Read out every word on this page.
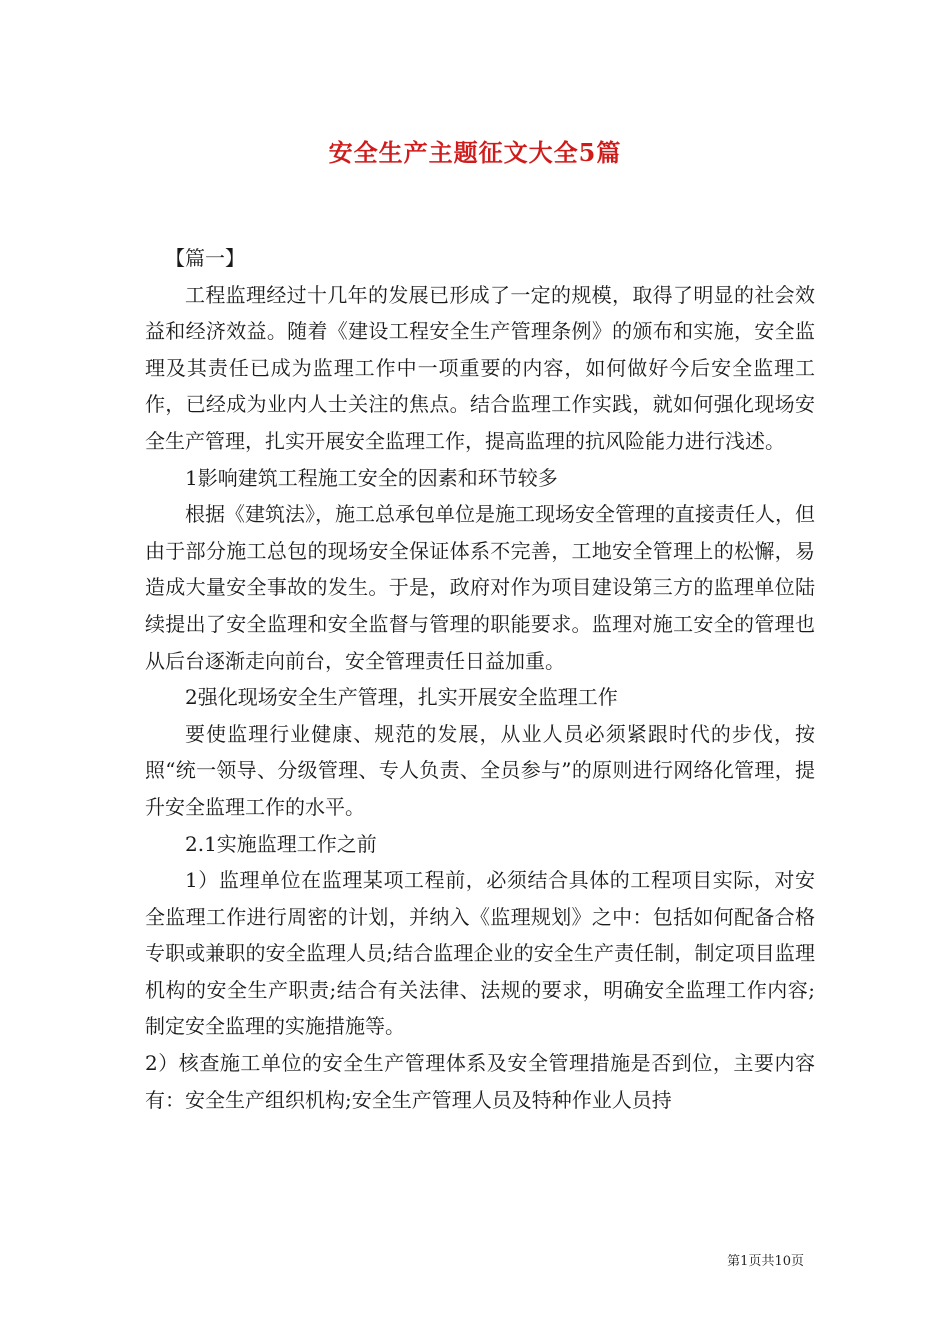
安全生产主题征文大全5篇

【篇一】

工程监理经过十几年的发展已形成了一定的规模，取得了明显的社会效益和经济效益。随着《建设工程安全生产管理条例》的颁布和实施，安全监理及其责任已成为监理工作中一项重要的内容，如何做好今后安全监理工作，已经成为业内人士关注的焦点。结合监理工作实践，就如何强化现场安全生产管理，扎实开展安全监理工作，提高监理的抗风险能力进行浅述。

1影响建筑工程施工安全的因素和环节较多

根据《建筑法》，施工总承包单位是施工现场安全管理的直接责任人，但由于部分施工总包的现场安全保证体系不完善，工地安全管理上的松懈，易造成大量安全事故的发生。于是，政府对作为项目建设第三方的监理单位陆续提出了安全监理和安全监督与管理的职能要求。监理对施工安全的管理也从后台逐渐走向前台，安全管理责任日益加重。

2强化现场安全生产管理，扎实开展安全监理工作

要使监理行业健康、规范的发展，从业人员必须紧跟时代的步伐，按照“统一领导、分级管理、专人负责、全员参与”的原则进行网络化管理，提升安全监理工作的水平。

2.1实施监理工作之前

1）监理单位在监理某项工程前，必须结合具体的工程项目实际，对安全监理工作进行周密的计划，并纳入《监理规划》之中：包括如何配备合格专职或兼职的安全监理人员;结合监理企业的安全生产责任制，制定项目监理机构的安全生产职责;结合有关法律、法规的要求，明确安全监理工作内容;制定安全监理的实施措施等。

2）核查施工单位的安全生产管理体系及安全管理措施是否到位，主要内容有：安全生产组织机构;安全生产管理人员及特种作业人员持

第1页共10页
